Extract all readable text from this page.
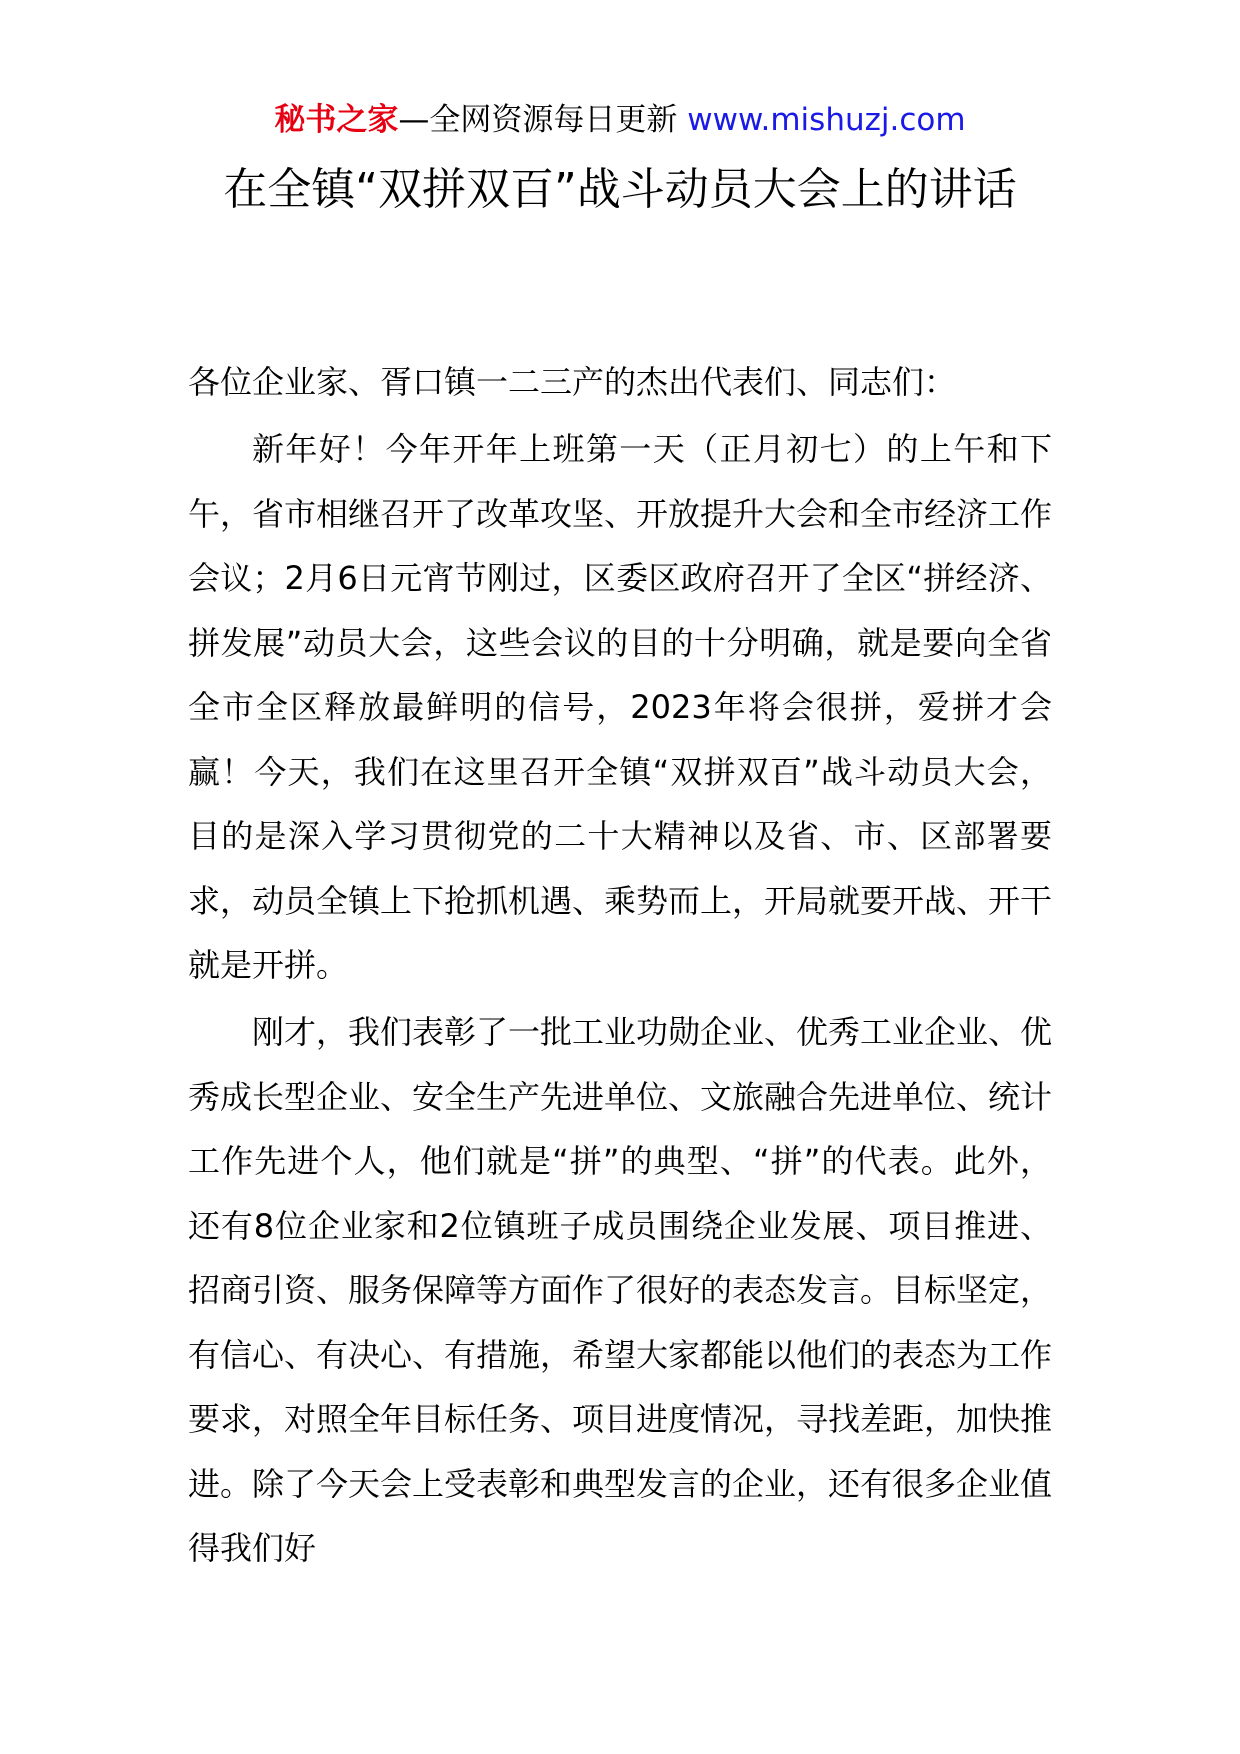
秘书之家—全网资源每日更新 www.mishuzj.com
在全镇“双拼双百”战斗动员大会上的讲话

各位企业家、胥口镇一二三产的杰出代表们、同志们：

新年好！今年开年上班第一天（正月初七）的上午和下午，省市相继召开了改革攻坚、开放提升大会和全市经济工作会议；2月6日元宵节刚过，区委区政府召开了全区“拼经济、拼发展”动员大会，这些会议的目的十分明确，就是要向全省全市全区释放最鲜明的信号，2023年将会很拼，爱拼才会赢！今天，我们在这里召开全镇“双拼双百”战斗动员大会，目的是深入学习贯彻党的二十大精神以及省、市、区部署要求，动员全镇上下抢抓机遇、乘势而上，开局就要开战、开干就是开拼。

刚才，我们表彰了一批工业功勋企业、优秀工业企业、优秀成长型企业、安全生产先进单位、文旅融合先进单位、统计工作先进个人，他们就是“拼”的典型、“拼”的代表。此外，还有8位企业家和2位镇班子成员围绕企业发展、项目推进、招商引资、服务保障等方面作了很好的表态发言。目标坚定，有信心、有决心、有措施，希望大家都能以他们的表态为工作要求，对照全年目标任务、项目进度情况，寻找差距，加快推进。除了今天会上受表彰和典型发言的企业，还有很多企业值得我们好
